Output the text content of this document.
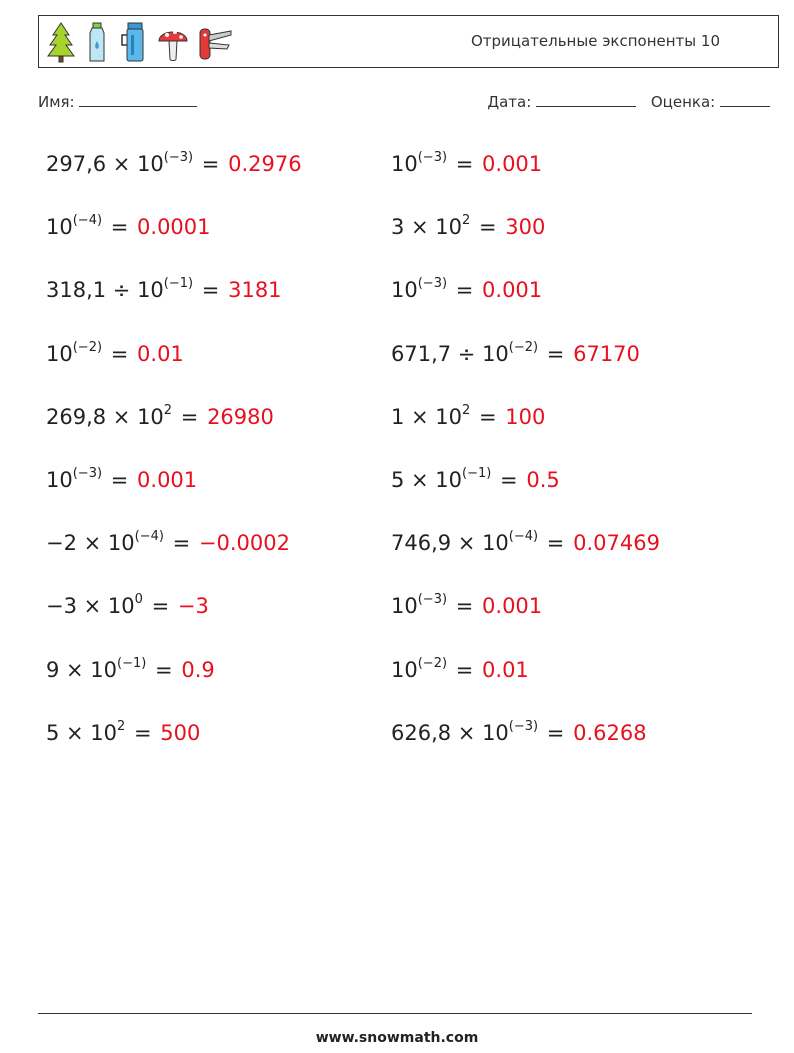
Отрицательные экспоненты 10
Имя:	Дата:	Оценка:
$297,6 \times 10^{(-3)} = 0.2976$	$10^{(-3)} = 0.001$
$10^{(-4)} = 0.0001$	$3 \times 10^2 = 300$
$318,1 \div 10^{(-1)} = 3181$	$10^{(-3)} = 0.001$
$10^{(-2)} = 0.01$	$671,7 \div 10^{(-2)} = 67170$
$269,8 \times 10^2 = 26980$	$1 \times 10^2 = 100$
$10^{(-3)} = 0.001$	$5 \times 10^{(-1)} = 0.5$
$-2 \times 10^{(-4)} = -0.0002$	$746,9 \times 10^{(-4)} = 0.07469$
$-3 \times 10^0 = -3$	$10^{(-3)} = 0.001$
$9 \times 10^{(-1)} = 0.9$	$10^{(-2)} = 0.01$
$5 \times 10^2 = 500$	$626,8 \times 10^{(-3)} = 0.6268$
www.snowmath.com
